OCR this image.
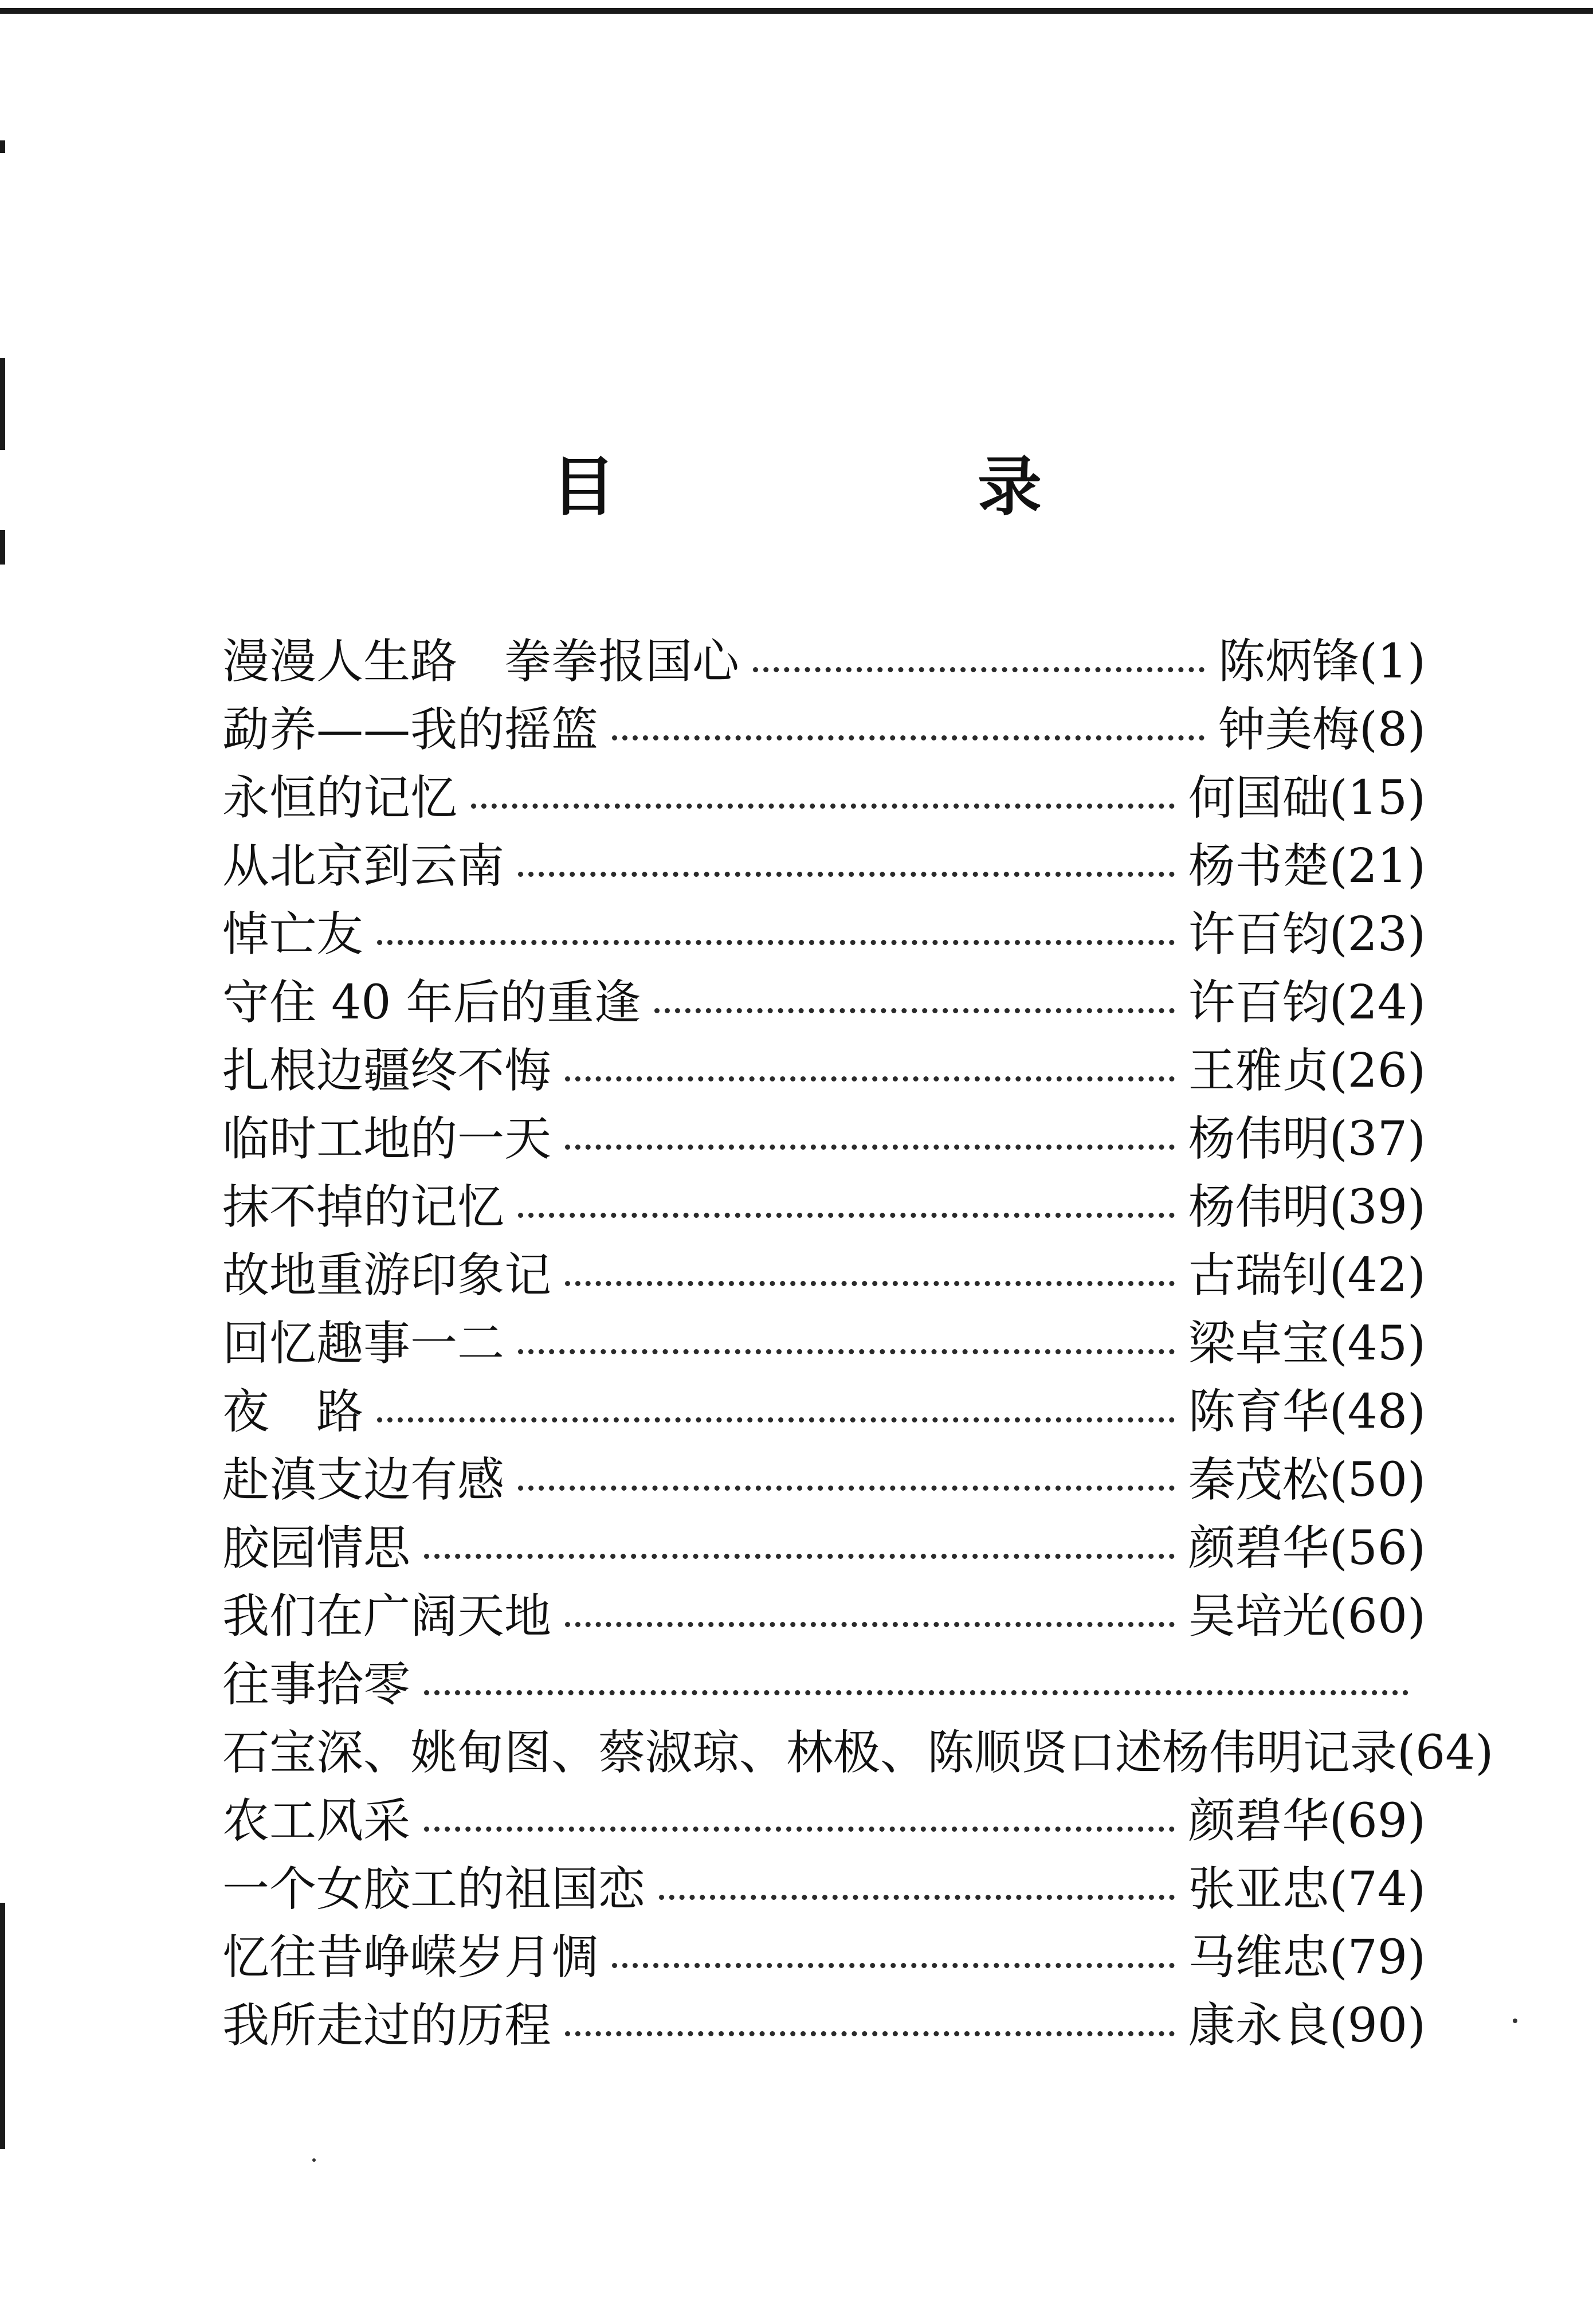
目　录
漫漫人生路　拳拳报国心	陈炳锋 (1)
勐养——我的摇篮	钟美梅 (8)
永恒的记忆	何国础 (15)
从北京到云南	杨书楚 (21)
悼亡友	许百钧 (23)
守住 40 年后的重逢	许百钧 (24)
扎根边疆终不悔	王雅贞 (26)
临时工地的一天	杨伟明 (37)
抹不掉的记忆	杨伟明 (39)
故地重游印象记	古瑞钊 (42)
回忆趣事一二	梁卓宝 (45)
夜　路	陈育华 (48)
赴滇支边有感	秦茂松 (50)
胶园情思	颜碧华 (56)
我们在广阔天地	吴培光 (60)
往事拾零
石宝深、姚甸图、蔡淑琼、林极、陈顺贤口述 杨伟明记录 (64)
农工风采	颜碧华 (69)
一个女胶工的祖国恋	张亚忠 (74)
忆往昔峥嵘岁月惆	马维忠 (79)
我所走过的历程	康永良 (90)
